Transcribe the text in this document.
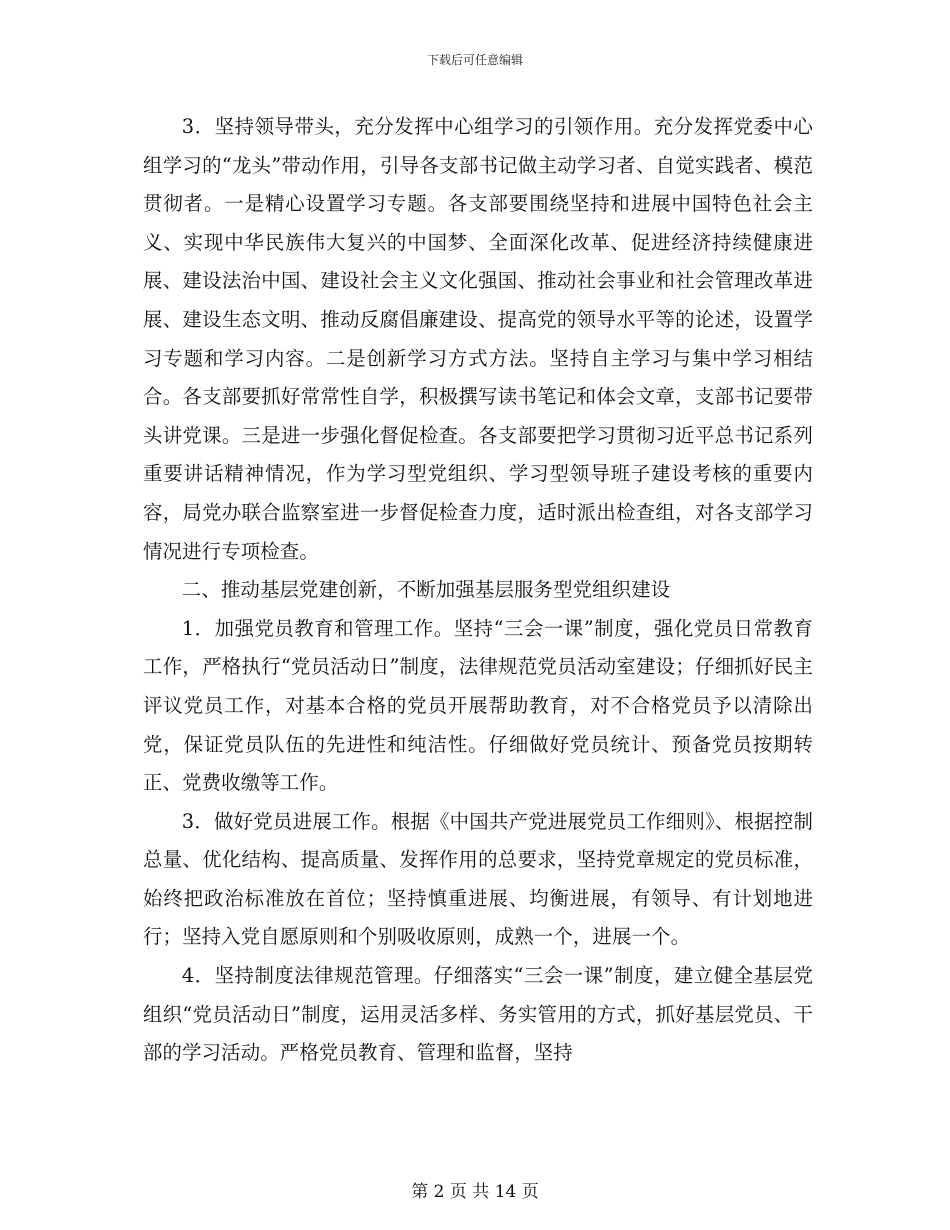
下载后可任意编辑

3．坚持领导带头，充分发挥中心组学习的引领作用。充分发挥党委中心组学习的“龙头”带动作用，引导各支部书记做主动学习者、自觉实践者、模范贯彻者。一是精心设置学习专题。各支部要围绕坚持和进展中国特色社会主义、实现中华民族伟大复兴的中国梦、全面深化改革、促进经济持续健康进展、建设法治中国、建设社会主义文化强国、推动社会事业和社会管理改革进展、建设生态文明、推动反腐倡廉建设、提高党的领导水平等的论述，设置学习专题和学习内容。二是创新学习方式方法。坚持自主学习与集中学习相结合。各支部要抓好常常性自学，积极撰写读书笔记和体会文章，支部书记要带头讲党课。三是进一步强化督促检查。各支部要把学习贯彻习近平总书记系列重要讲话精神情况，作为学习型党组织、学习型领导班子建设考核的重要内容，局党办联合监察室进一步督促检查力度，适时派出检查组，对各支部学习情况进行专项检查。

二、推动基层党建创新，不断加强基层服务型党组织建设

1．加强党员教育和管理工作。坚持“三会一课”制度，强化党员日常教育工作，严格执行“党员活动日”制度，法律规范党员活动室建设；仔细抓好民主评议党员工作，对基本合格的党员开展帮助教育，对不合格党员予以清除出党，保证党员队伍的先进性和纯洁性。仔细做好党员统计、预备党员按期转正、党费收缴等工作。

3．做好党员进展工作。根据《中国共产党进展党员工作细则》、根据控制总量、优化结构、提高质量、发挥作用的总要求，坚持党章规定的党员标准，始终把政治标准放在首位；坚持慎重进展、均衡进展，有领导、有计划地进行；坚持入党自愿原则和个别吸收原则，成熟一个，进展一个。

4．坚持制度法律规范管理。仔细落实“三会一课”制度，建立健全基层党组织“党员活动日”制度，运用灵活多样、务实管用的方式，抓好基层党员、干部的学习活动。严格党员教育、管理和监督，坚持

第 2 页 共 14 页
